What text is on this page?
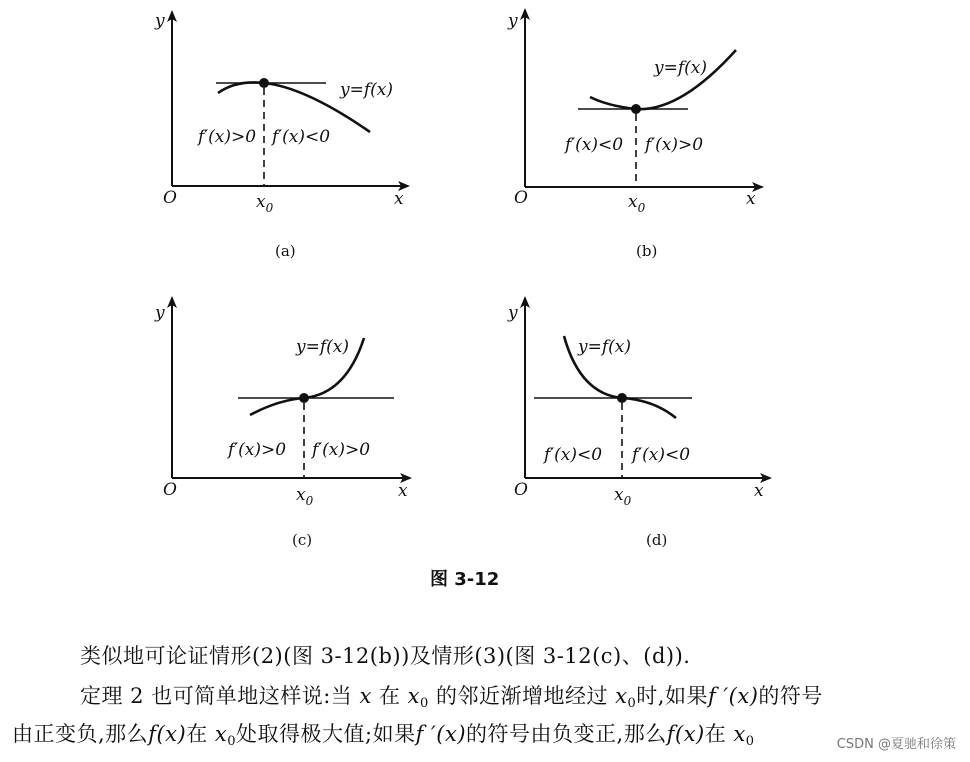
y
x
O
y=f(x)
f′(x)>0 f′(x)<0
$x_0$
(a)
y
x
O
y=f(x)
f′(x)<0 f′(x)>0
$x_0$
(b)
y
x
O
y=f(x)
f′(x)>0 f′(x)>0
$x_0$
(c)
y
x
O
y=f(x)
f′(x)<0 f′(x)<0
$x_0$
(d)
图 3-12
类似地可论证情形(2)(图 3-12(b))及情形(3)(图 3-12(c)、(d)).
定理 2 也可简单地这样说:当 x 在 x0 的邻近渐增地经过 x0时,如果f ′(x)的符号
由正变负,那么f(x)在 x0处取得极大值;如果f ′(x)的符号由负变正,那么f(x)在 x0	CSDN @夏驰和徐策
